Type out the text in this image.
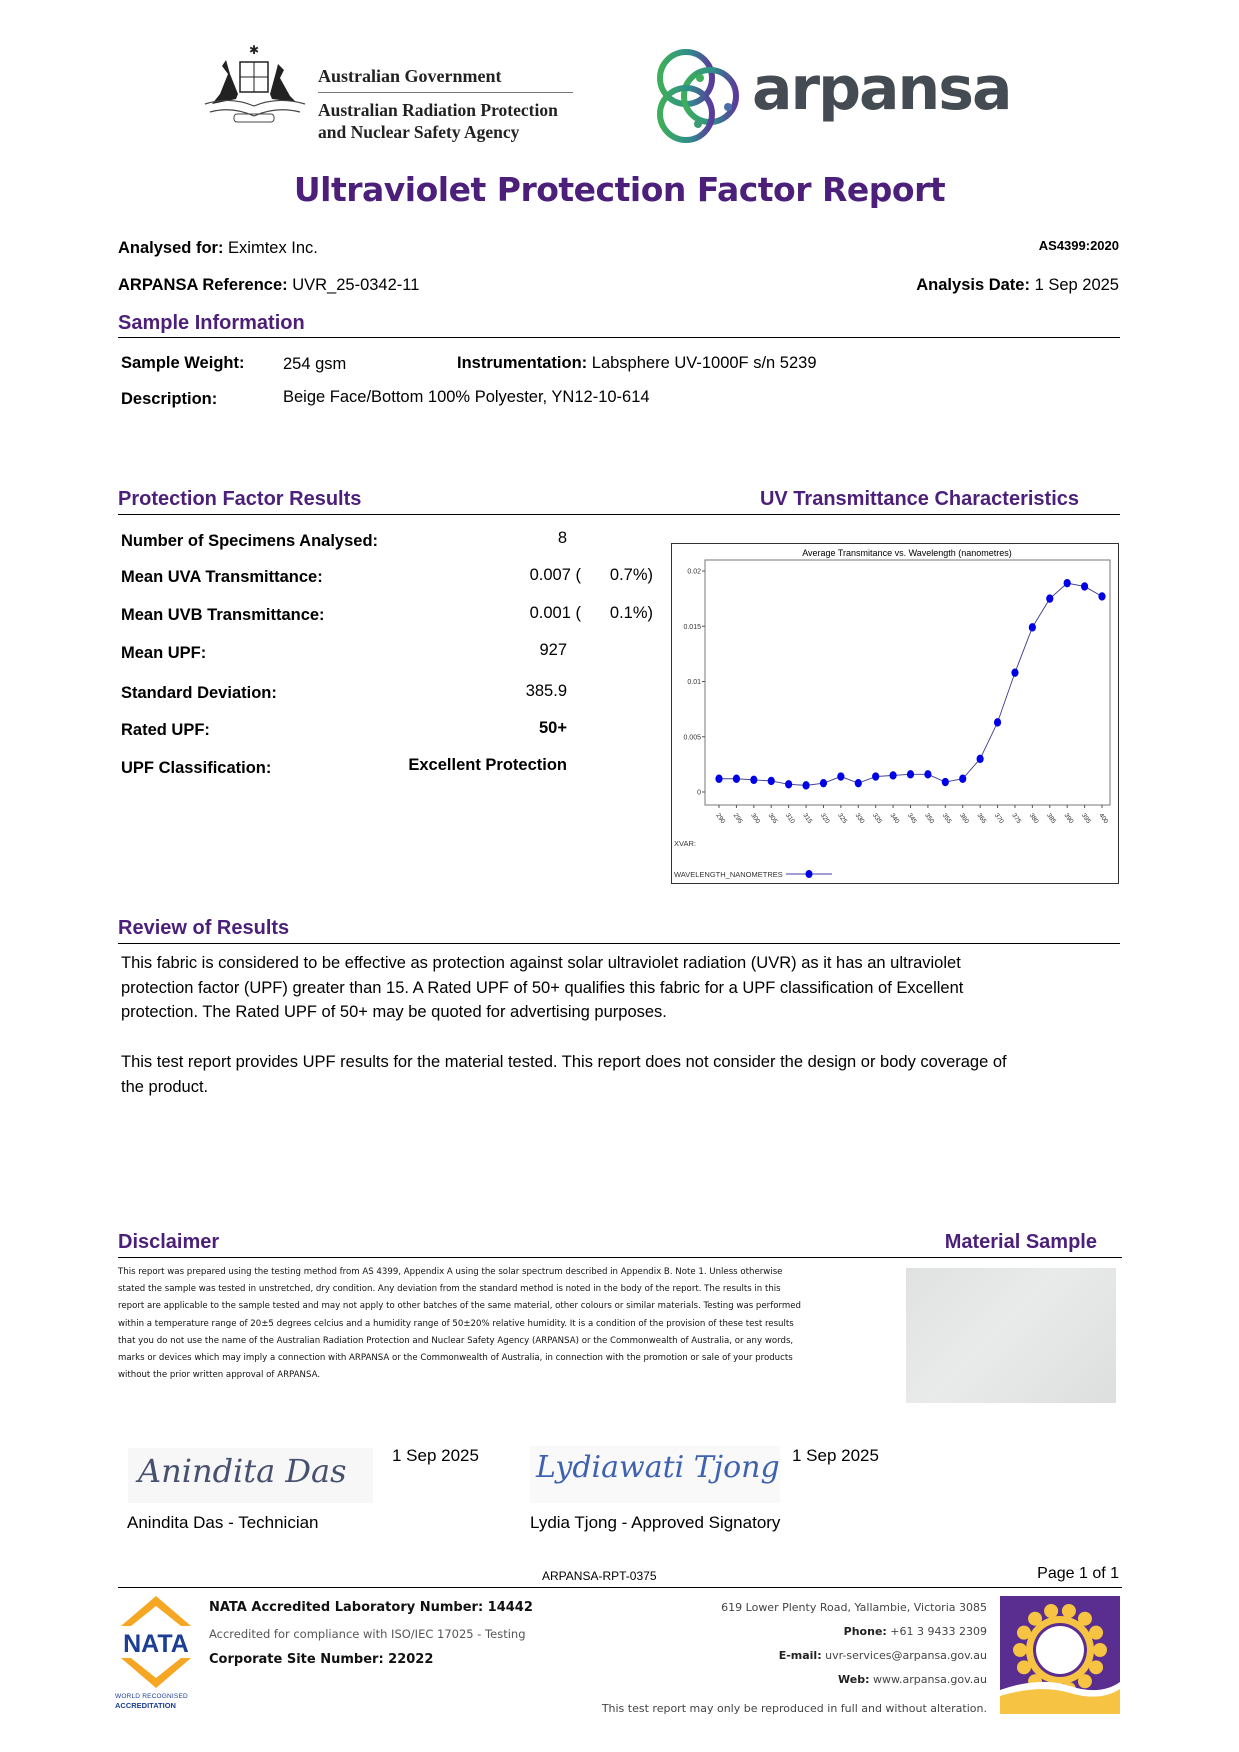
✱
Australian Government
Australian Radiation Protection
and Nuclear Safety Agency
arpansa
Ultraviolet Protection Factor Report
Analysed for: Eximtex Inc.	AS4399:2020
ARPANSA Reference: UVR_25-0342-11	Analysis Date: 1 Sep 2025
Sample Information
Sample Weight: 254 gsm	Instrumentation: Labsphere UV-1000F s/n 5239
Description:	Beige Face/Bottom 100% Polyester, YN12-10-614
Protection Factor Results	UV Transmittance Characteristics
Number of Specimens Analysed:	8
Mean UVA Transmittance:	0.007 ( 0.7%)
Mean UVB Transmittance:	0.001 ( 0.1%)
Mean UPF:	927
Standard Deviation:	385.9
Rated UPF:	50+
UPF Classification:	Excellent Protection
Average Transmitance vs. Wavelength (nanometres)
0
0.005
0.01
0.015
0.02
290 295 300 305 310 315 320 325 330 335 340 345 350 355 360 365 370 375 380 385 390 395 400
XVAR:
WAVELENGTH_NANOMETRES
Review of Results
This fabric is considered to be effective as protection against solar ultraviolet radiation (UVR) as it has an ultraviolet protection factor (UPF) greater than 15. A Rated UPF of 50+ qualifies this fabric for a UPF classification of Excellent protection. The Rated UPF of 50+ may be quoted for advertising purposes.
This test report provides UPF results for the material tested. This report does not consider the design or body coverage of the product.
Disclaimer	Material Sample
This report was prepared using the testing method from AS 4399, Appendix A using the solar spectrum described in Appendix B. Note 1. Unless otherwise stated the sample was tested in unstretched, dry condition. Any deviation from the standard method is noted in the body of the report. The results in this report are applicable to the sample tested and may not apply to other batches of the same material, other colours or similar materials. Testing was performed within a temperature range of 20±5 degrees celcius and a humidity range of 50±20% relative humidity. It is a condition of the provision of these test results that you do not use the name of the Australian Radiation Protection and Nuclear Safety Agency (ARPANSA) or the Commonwealth of Australia, or any words, marks or devices which may imply a connection with ARPANSA or the Commonwealth of Australia, in connection with the promotion or sale of your products without the prior written approval of ARPANSA.
Anindita Das	1 Sep 2025
Anindita Das - Technician
Lydiawati Tjong 1 Sep 2025
Lydia Tjong - Approved Signatory
ARPANSA-RPT-0375	Page 1 of 1
NATA
WORLD RECOGNISED
ACCREDITATION
NATA Accredited Laboratory Number: 14442
Accredited for compliance with ISO/IEC 17025 - Testing
Corporate Site Number: 22022
619 Lower Plenty Road, Yallambie, Victoria 3085
Phone: +61 3 9433 2309
E-mail: uvr-services@arpansa.gov.au
Web: www.arpansa.gov.au
This test report may only be reproduced in full and without alteration.
